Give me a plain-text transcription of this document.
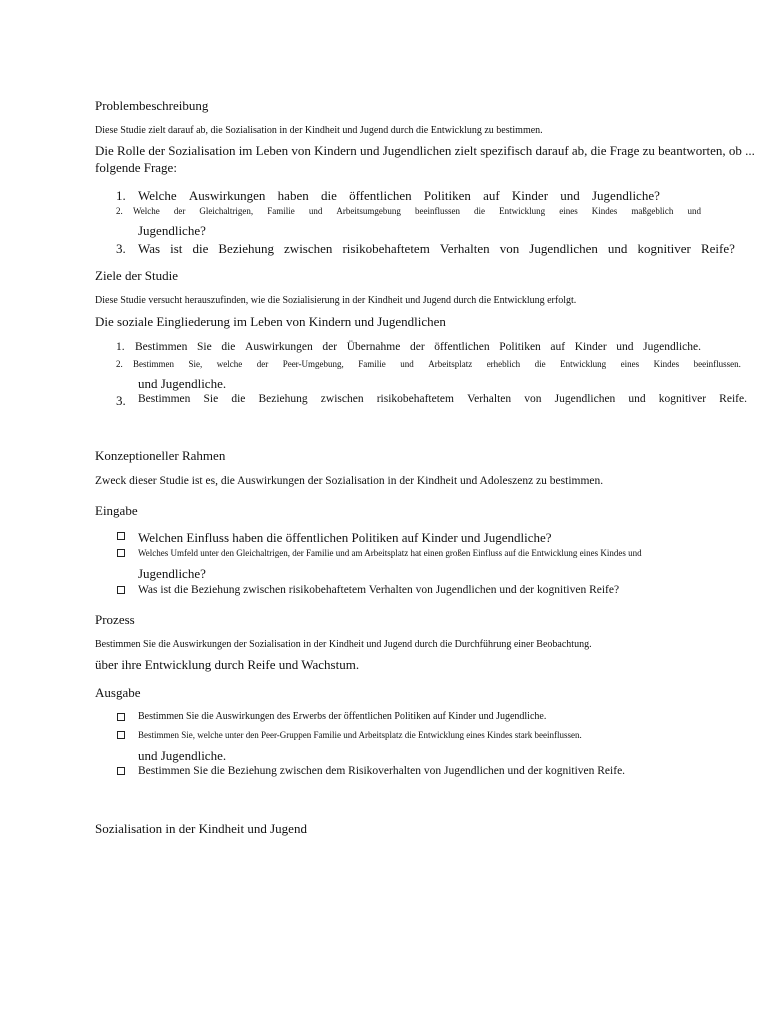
Problembeschreibung
Diese Studie zielt darauf ab, die Sozialisation in der Kindheit und Jugend durch die Entwicklung zu bestimmen.
Die Rolle der Sozialisation im Leben von Kindern und Jugendlichen zielt spezifisch darauf ab, die Frage zu beantworten, ob ...
folgende Frage:
1. Welche Auswirkungen haben die öffentlichen Politiken auf Kinder und Jugendliche?
2. Welche der Gleichaltrigen, Familie und Arbeitsumgebung beeinflussen die Entwicklung eines Kindes maßgeblich und
Jugendliche?
3. Was ist die Beziehung zwischen risikobehaftetem Verhalten von Jugendlichen und kognitiver Reife?
Ziele der Studie
Diese Studie versucht herauszufinden, wie die Sozialisierung in der Kindheit und Jugend durch die Entwicklung erfolgt.
Die soziale Eingliederung im Leben von Kindern und Jugendlichen
1. Bestimmen Sie die Auswirkungen der Übernahme der öffentlichen Politiken auf Kinder und Jugendliche.
2. Bestimmen Sie, welche der Peer-Umgebung, Familie und Arbeitsplatz erheblich die Entwicklung eines Kindes beeinflussen.
und Jugendliche.
3. Bestimmen Sie die Beziehung zwischen risikobehaftetem Verhalten von Jugendlichen und kognitiver Reife.
Konzeptioneller Rahmen
Zweck dieser Studie ist es, die Auswirkungen der Sozialisation in der Kindheit und Adoleszenz zu bestimmen.
Eingabe
Welchen Einfluss haben die öffentlichen Politiken auf Kinder und Jugendliche?
Welches Umfeld unter den Gleichaltrigen, der Familie und am Arbeitsplatz hat einen großen Einfluss auf die Entwicklung eines Kindes und
Jugendliche?
Was ist die Beziehung zwischen risikobehaftetem Verhalten von Jugendlichen und der kognitiven Reife?
Prozess
Bestimmen Sie die Auswirkungen der Sozialisation in der Kindheit und Jugend durch die Durchführung einer Beobachtung.
über ihre Entwicklung durch Reife und Wachstum.
Ausgabe
Bestimmen Sie die Auswirkungen des Erwerbs der öffentlichen Politiken auf Kinder und Jugendliche.
Bestimmen Sie, welche unter den Peer-Gruppen Familie und Arbeitsplatz die Entwicklung eines Kindes stark beeinflussen.
und Jugendliche.
Bestimmen Sie die Beziehung zwischen dem Risikoverhalten von Jugendlichen und der kognitiven Reife.
Sozialisation in der Kindheit und Jugend
